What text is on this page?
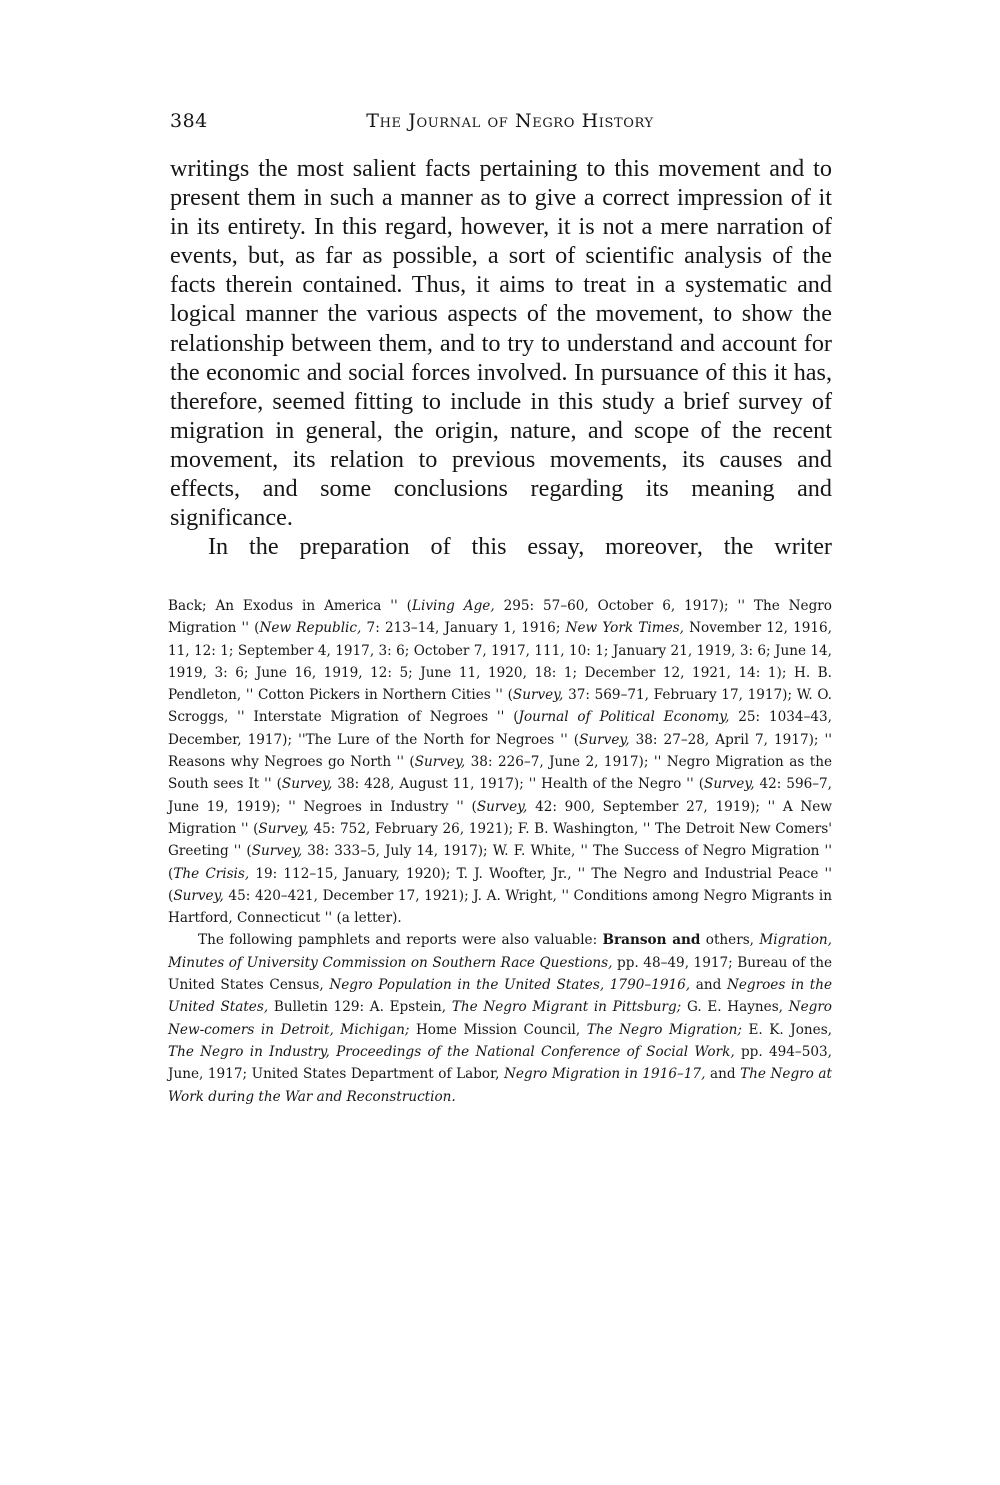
384	The Journal of Negro History

writings the most salient facts pertaining to this movement and to present them in such a manner as to give a correct impression of it in its entirety. In this regard, however, it is not a mere narration of events, but, as far as possible, a sort of scientific analysis of the facts therein contained. Thus, it aims to treat in a systematic and logical manner the various aspects of the movement, to show the relationship between them, and to try to understand and account for the economic and social forces involved. In pursuance of this it has, therefore, seemed fitting to include in this study a brief survey of migration in general, the origin, nature, and scope of the recent movement, its relation to previous movements, its causes and effects, and some conclusions regarding its meaning and significance.

In the preparation of this essay, moreover, the writer

Back; An Exodus in America '' (Living Age, 295: 57–60, October 6, 1917); '' The Negro Migration '' (New Republic, 7: 213–14, January 1, 1916; New York Times, November 12, 1916, 11, 12: 1; September 4, 1917, 3: 6; October 7, 1917, 111, 10: 1; January 21, 1919, 3: 6; June 14, 1919, 3: 6; June 16, 1919, 12: 5; June 11, 1920, 18: 1; December 12, 1921, 14: 1); H. B. Pendleton, '' Cotton Pickers in Northern Cities '' (Survey, 37: 569–71, February 17, 1917); W. O. Scroggs, '' Interstate Migration of Negroes '' (Journal of Political Economy, 25: 1034–43, December, 1917); ''The Lure of the North for Negroes '' (Survey, 38: 27–28, April 7, 1917); '' Reasons why Negroes go North '' (Survey, 38: 226–7, June 2, 1917); '' Negro Migration as the South sees It '' (Survey, 38: 428, August 11, 1917); '' Health of the Negro '' (Survey, 42: 596–7, June 19, 1919); '' Negroes in Industry '' (Survey, 42: 900, September 27, 1919); '' A New Migration '' (Survey, 45: 752, February 26, 1921); F. B. Washington, '' The Detroit New Comers' Greeting '' (Survey, 38: 333–5, July 14, 1917); W. F. White, '' The Success of Negro Migration '' (The Crisis, 19: 112–15, January, 1920); T. J. Woofter, Jr., '' The Negro and Industrial Peace '' (Survey, 45: 420–421, December 17, 1921); J. A. Wright, '' Conditions among Negro Migrants in Hartford, Connecticut '' (a letter).

The following pamphlets and reports were also valuable: Branson and others, Migration, Minutes of University Commission on Southern Race Questions, pp. 48–49, 1917; Bureau of the United States Census, Negro Population in the United States, 1790–1916, and Negroes in the United States, Bulletin 129: A. Epstein, The Negro Migrant in Pittsburg; G. E. Haynes, Negro New-comers in Detroit, Michigan; Home Mission Council, The Negro Migration; E. K. Jones, The Negro in Industry, Proceedings of the National Conference of Social Work, pp. 494–503, June, 1917; United States Department of Labor, Negro Migration in 1916–17, and The Negro at Work during the War and Reconstruction.
